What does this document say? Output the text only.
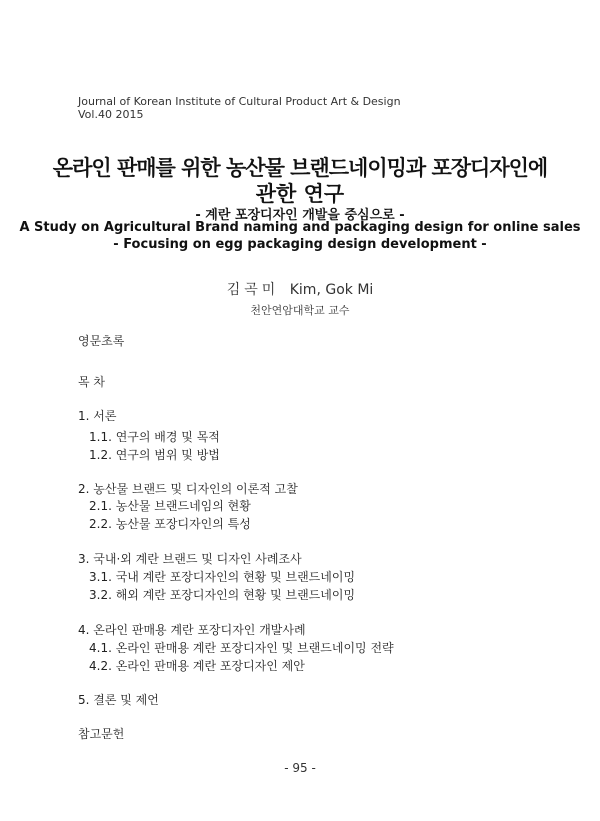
Journal of Korean Institute of Cultural Product Art & Design
Vol.40 2015
온라인 판매를 위한 농산물 브랜드네이밍과 포장디자인에
관한 연구
- 계란 포장디자인 개발을 중심으로 -
A Study on Agricultural Brand naming and packaging design for online sales
- Focusing on egg packaging design development -
김곡미 Kim, Gok Mi
천안연암대학교 교수
영문초록
목 차
1. 서론
1.1. 연구의 배경 및 목적
1.2. 연구의 범위 및 방법
2. 농산물 브랜드 및 디자인의 이론적 고찰
2.1. 농산물 브랜드네임의 현황
2.2. 농산물 포장디자인의 특성
3. 국내·외 계란 브랜드 및 디자인 사례조사
3.1. 국내 계란 포장디자인의 현황 및 브랜드네이밍
3.2. 해외 계란 포장디자인의 현황 및 브랜드네이밍
4. 온라인 판매용 계란 포장디자인 개발사례
4.1. 온라인 판매용 계란 포장디자인 및 브랜드네이밍 전략
4.2. 온라인 판매용 계란 포장디자인 제안
5. 결론 및 제언
참고문헌
- 95 -
